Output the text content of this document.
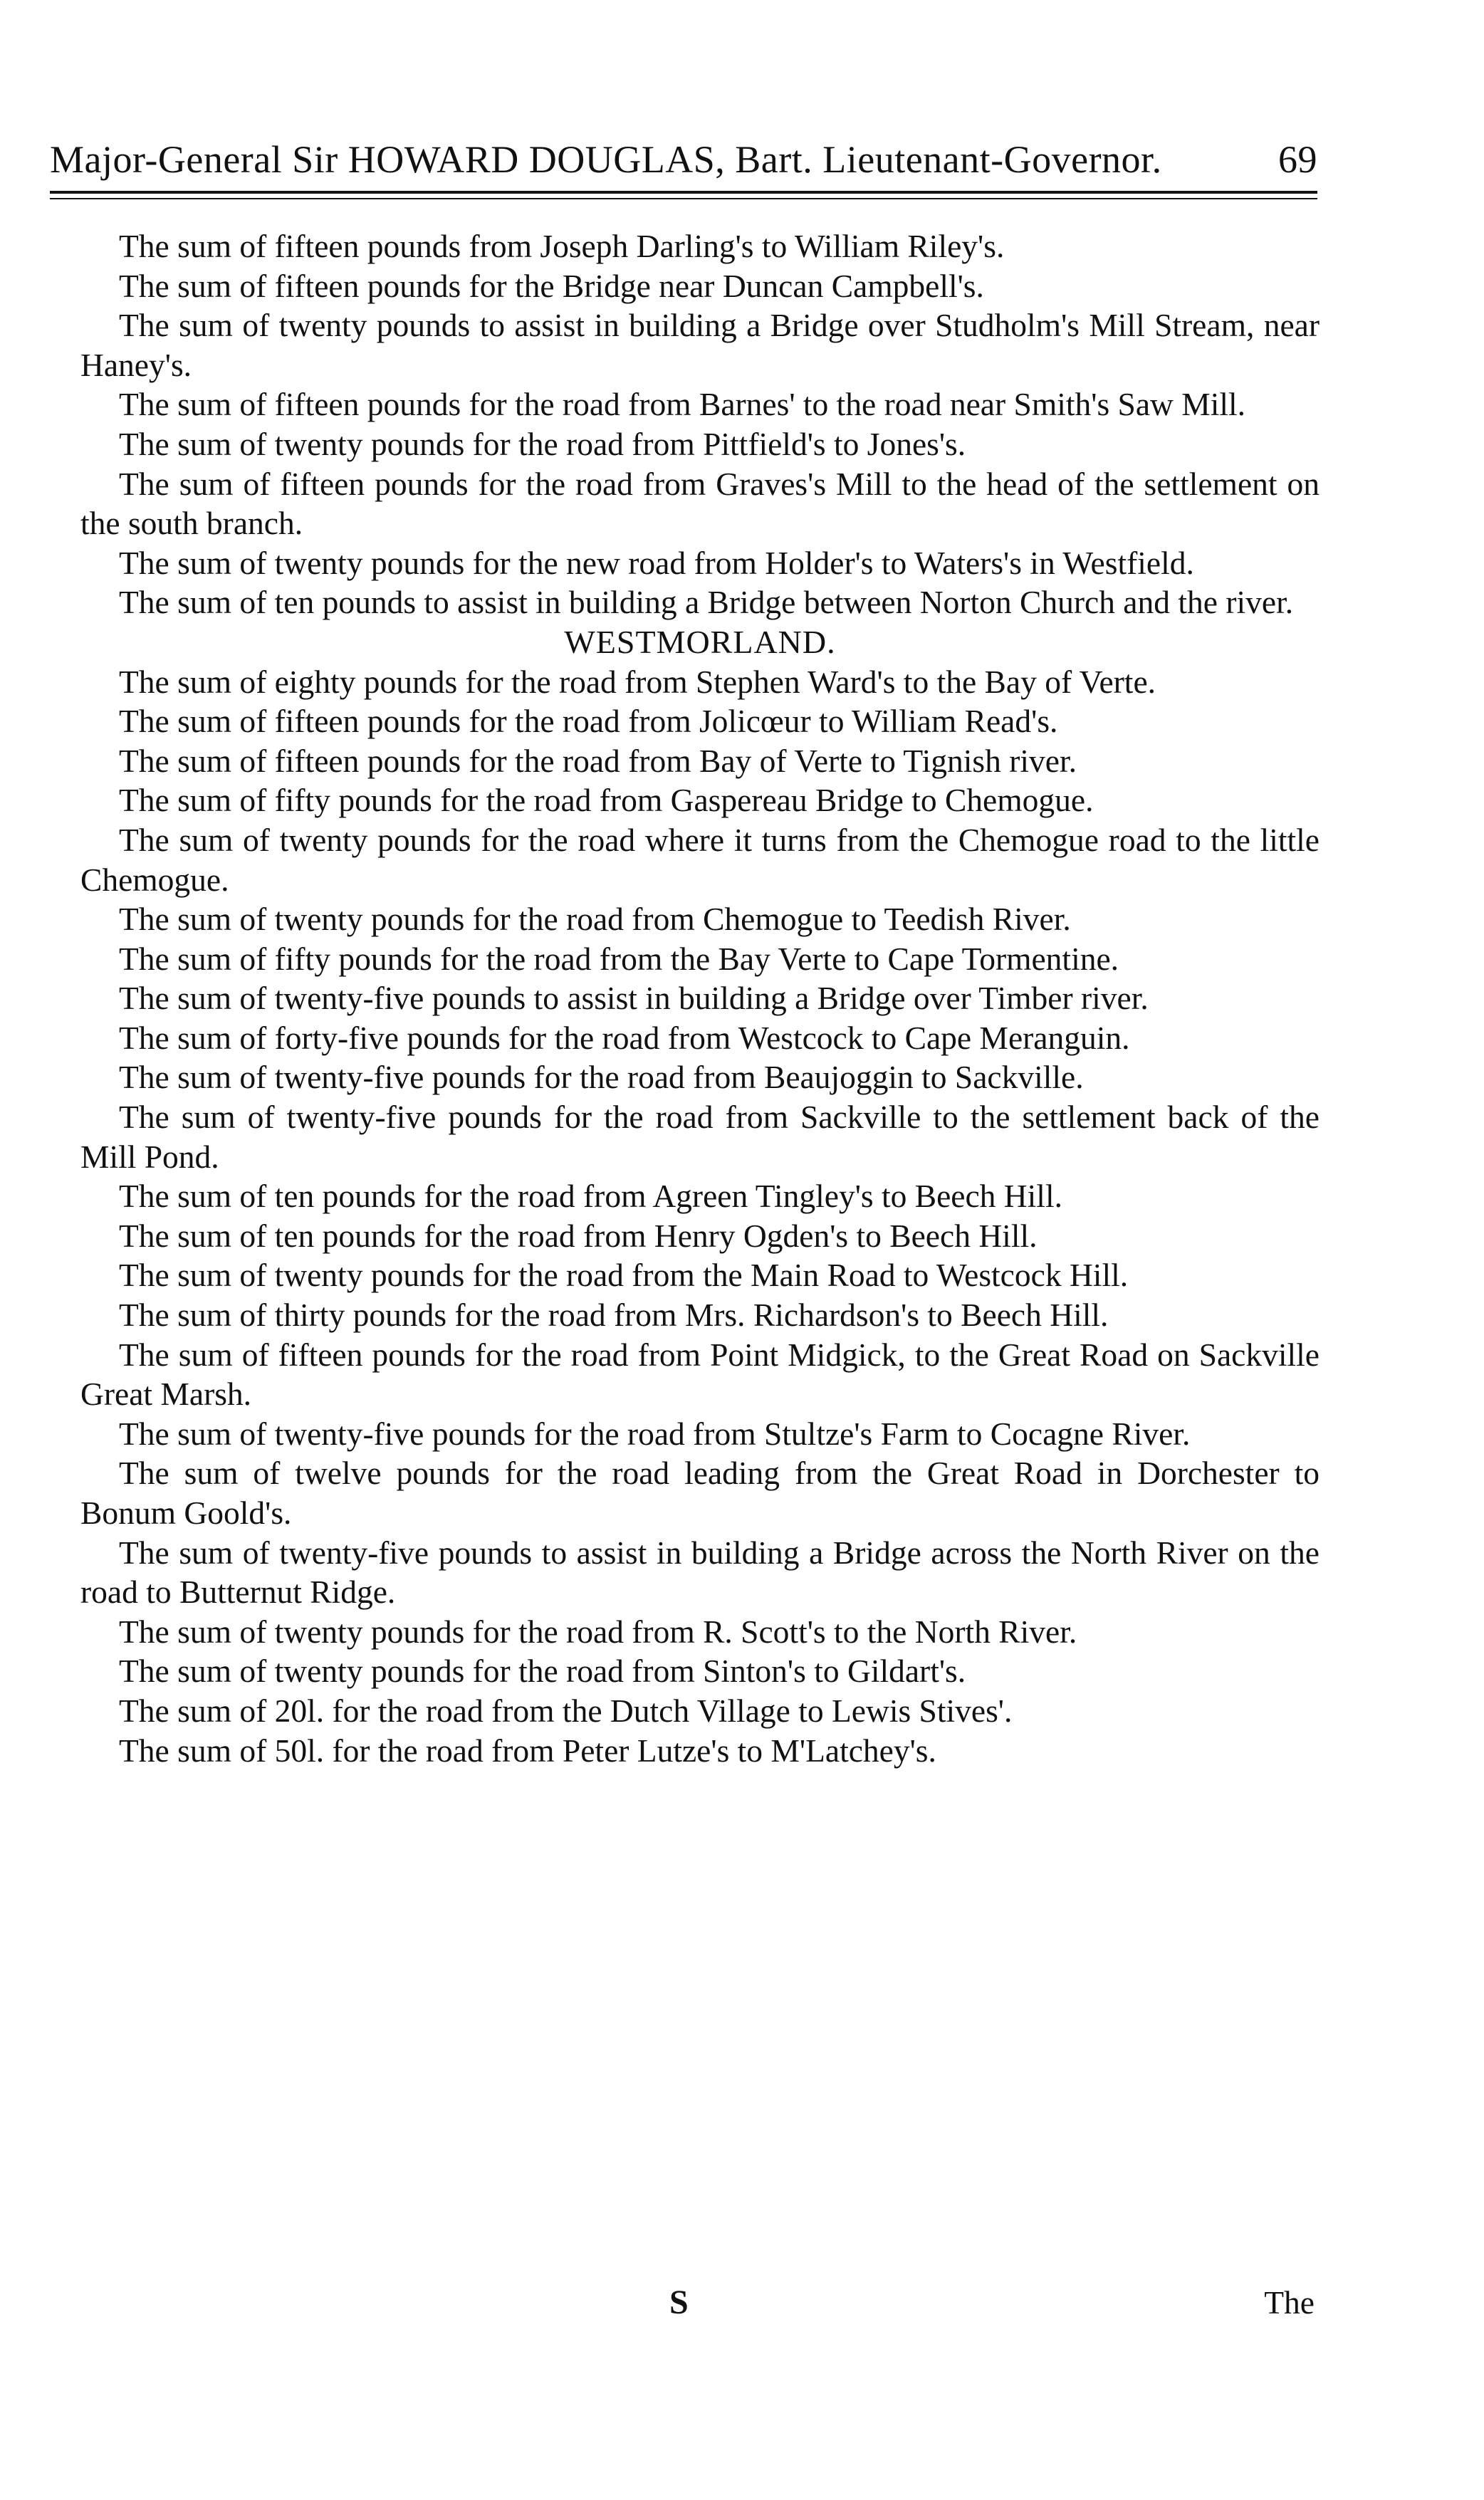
Major-General Sir HOWARD DOUGLAS, Bart. Lieutenant-Governor.	69

The sum of fifteen pounds from Joseph Darling's to William Riley's.

The sum of fifteen pounds for the Bridge near Duncan Campbell's.

The sum of twenty pounds to assist in building a Bridge over Studholm's Mill Stream, near Haney's.

The sum of fifteen pounds for the road from Barnes' to the road near Smith's Saw Mill.

The sum of twenty pounds for the road from Pittfield's to Jones's.

The sum of fifteen pounds for the road from Graves's Mill to the head of the settlement on the south branch.

The sum of twenty pounds for the new road from Holder's to Waters's in Westfield.

The sum of ten pounds to assist in building a Bridge between Norton Church and the river.

WESTMORLAND.

The sum of eighty pounds for the road from Stephen Ward's to the Bay of Verte.

The sum of fifteen pounds for the road from Jolicœur to William Read's.

The sum of fifteen pounds for the road from Bay of Verte to Tignish river.

The sum of fifty pounds for the road from Gaspereau Bridge to Chemogue.

The sum of twenty pounds for the road where it turns from the Chemogue road to the little Chemogue.

The sum of twenty pounds for the road from Chemogue to Teedish River.

The sum of fifty pounds for the road from the Bay Verte to Cape Tormentine.

The sum of twenty-five pounds to assist in building a Bridge over Timber river.

The sum of forty-five pounds for the road from Westcock to Cape Meranguin.

The sum of twenty-five pounds for the road from Beaujoggin to Sackville.

The sum of twenty-five pounds for the road from Sackville to the settlement back of the Mill Pond.

The sum of ten pounds for the road from Agreen Tingley's to Beech Hill.

The sum of ten pounds for the road from Henry Ogden's to Beech Hill.

The sum of twenty pounds for the road from the Main Road to Westcock Hill.

The sum of thirty pounds for the road from Mrs. Richardson's to Beech Hill.

The sum of fifteen pounds for the road from Point Midgick, to the Great Road on Sackville Great Marsh.

The sum of twenty-five pounds for the road from Stultze's Farm to Cocagne River.

The sum of twelve pounds for the road leading from the Great Road in Dorchester to Bonum Goold's.

The sum of twenty-five pounds to assist in building a Bridge across the North River on the road to Butternut Ridge.

The sum of twenty pounds for the road from R. Scott's to the North River.

The sum of twenty pounds for the road from Sinton's to Gildart's.

The sum of 20l. for the road from the Dutch Village to Lewis Stives'.

The sum of 50l. for the road from Peter Lutze's to M'Latchey's.

S	The
